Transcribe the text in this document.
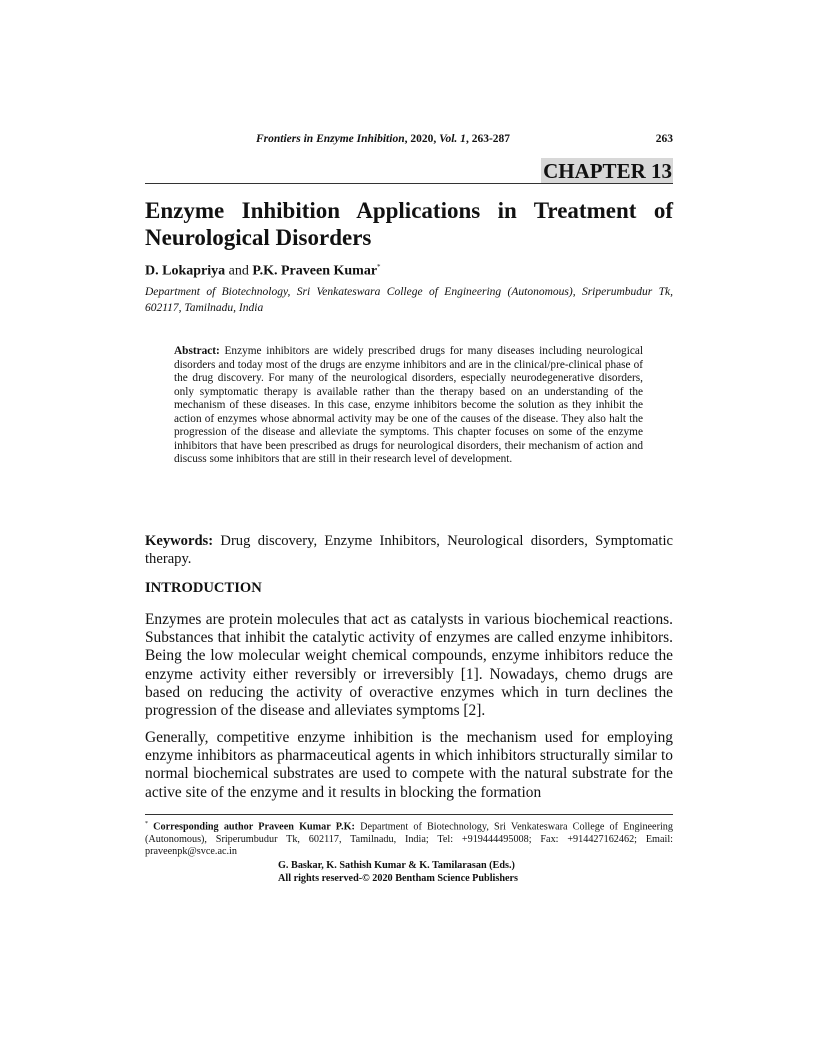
Frontiers in Enzyme Inhibition, 2020, Vol. 1, 263-287	263
CHAPTER 13
Enzyme Inhibition Applications in Treatment of Neurological Disorders
D. Lokapriya and P.K. Praveen Kumar*
Department of Biotechnology, Sri Venkateswara College of Engineering (Autonomous), Sriperumbudur Tk, 602117, Tamilnadu, India
Abstract: Enzyme inhibitors are widely prescribed drugs for many diseases including neurological disorders and today most of the drugs are enzyme inhibitors and are in the clinical/pre-clinical phase of the drug discovery. For many of the neurological disorders, especially neurodegenerative disorders, only symptomatic therapy is available rather than the therapy based on an understanding of the mechanism of these diseases. In this case, enzyme inhibitors become the solution as they inhibit the action of enzymes whose abnormal activity may be one of the causes of the disease. They also halt the progression of the disease and alleviate the symptoms. This chapter focuses on some of the enzyme inhibitors that have been prescribed as drugs for neurological disorders, their mechanism of action and discuss some inhibitors that are still in their research level of development.
Keywords: Drug discovery, Enzyme Inhibitors, Neurological disorders, Symptomatic therapy.
INTRODUCTION

Enzymes are protein molecules that act as catalysts in various biochemical reactions. Substances that inhibit the catalytic activity of enzymes are called enzyme inhibitors. Being the low molecular weight chemical compounds, enzyme inhibitors reduce the enzyme activity either reversibly or irreversibly [1]. Nowadays, chemo drugs are based on reducing the activity of overactive enzymes which in turn declines the progression of the disease and alleviates symptoms [2].

Generally, competitive enzyme inhibition is the mechanism used for employing enzyme inhibitors as pharmaceutical agents in which inhibitors structurally similar to normal biochemical substrates are used to compete with the natural substrate for the active site of the enzyme and it results in blocking the formation

* Corresponding author Praveen Kumar P.K: Department of Biotechnology, Sri Venkateswara College of Engineering (Autonomous), Sriperumbudur Tk, 602117, Tamilnadu, India; Tel: +919444495008; Fax: +914427162462; Email: praveenpk@svce.ac.in
G. Baskar, K. Sathish Kumar & K. Tamilarasan (Eds.)
All rights reserved-© 2020 Bentham Science Publishers
